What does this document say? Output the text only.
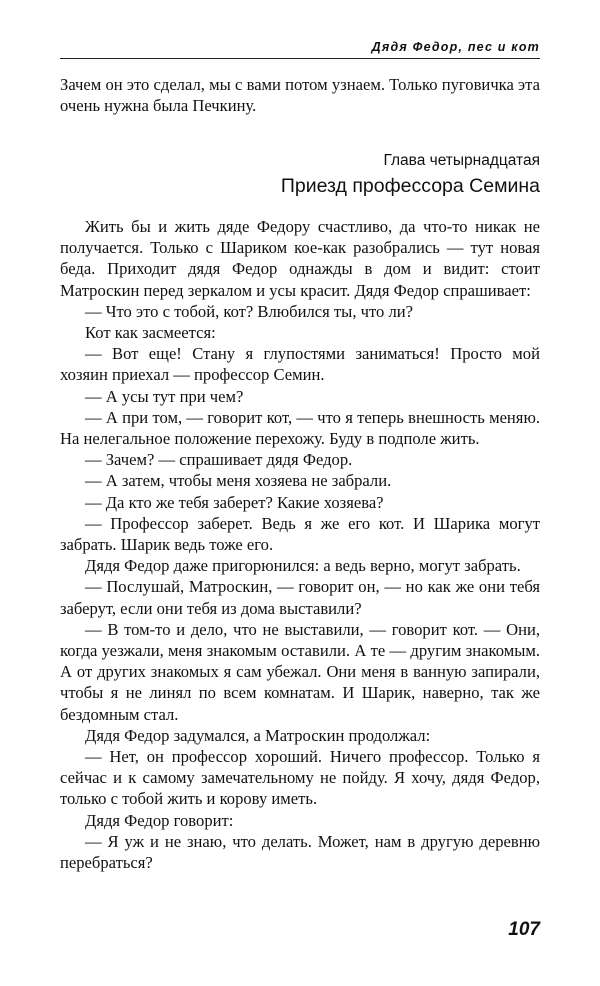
Дядя Федор, пес и кот

Зачем он это сделал, мы с вами потом узнаем. Только пуговичка эта очень нужна была Печкину.

Глава четырнадцатая
Приезд профессора Семина

Жить бы и жить дяде Федору счастливо, да что-то никак не получается. Только с Шариком кое-как разобрались — тут новая беда. Приходит дядя Федор однажды в дом и видит: стоит Матроскин перед зеркалом и усы красит. Дядя Федор спрашивает:

— Что это с тобой, кот? Влюбился ты, что ли?

Кот как засмеется:

— Вот еще! Стану я глупостями заниматься! Просто мой хозяин приехал — профессор Семин.

— А усы тут при чем?

— А при том, — говорит кот, — что я теперь внешность меняю. На нелегальное положение перехожу. Буду в подполе жить.

— Зачем? — спрашивает дядя Федор.

— А затем, чтобы меня хозяева не забрали.

— Да кто же тебя заберет? Какие хозяева?

— Профессор заберет. Ведь я же его кот. И Шарика могут забрать. Шарик ведь тоже его.

Дядя Федор даже пригорюнился: а ведь верно, могут забрать.

— Послушай, Матроскин, — говорит он, — но как же они тебя заберут, если они тебя из дома выставили?

— В том-то и дело, что не выставили, — говорит кот. — Они, когда уезжали, меня знакомым оставили. А те — другим знакомым. А от других знакомых я сам убежал. Они меня в ванную запирали, чтобы я не линял по всем комнатам. И Шарик, наверно, так же бездомным стал.

Дядя Федор задумался, а Матроскин продолжал:

— Нет, он профессор хороший. Ничего профессор. Только я сейчас и к самому замечательному не пойду. Я хочу, дядя Федор, только с тобой жить и корову иметь.

Дядя Федор говорит:

— Я уж и не знаю, что делать. Может, нам в другую деревню перебраться?

107
